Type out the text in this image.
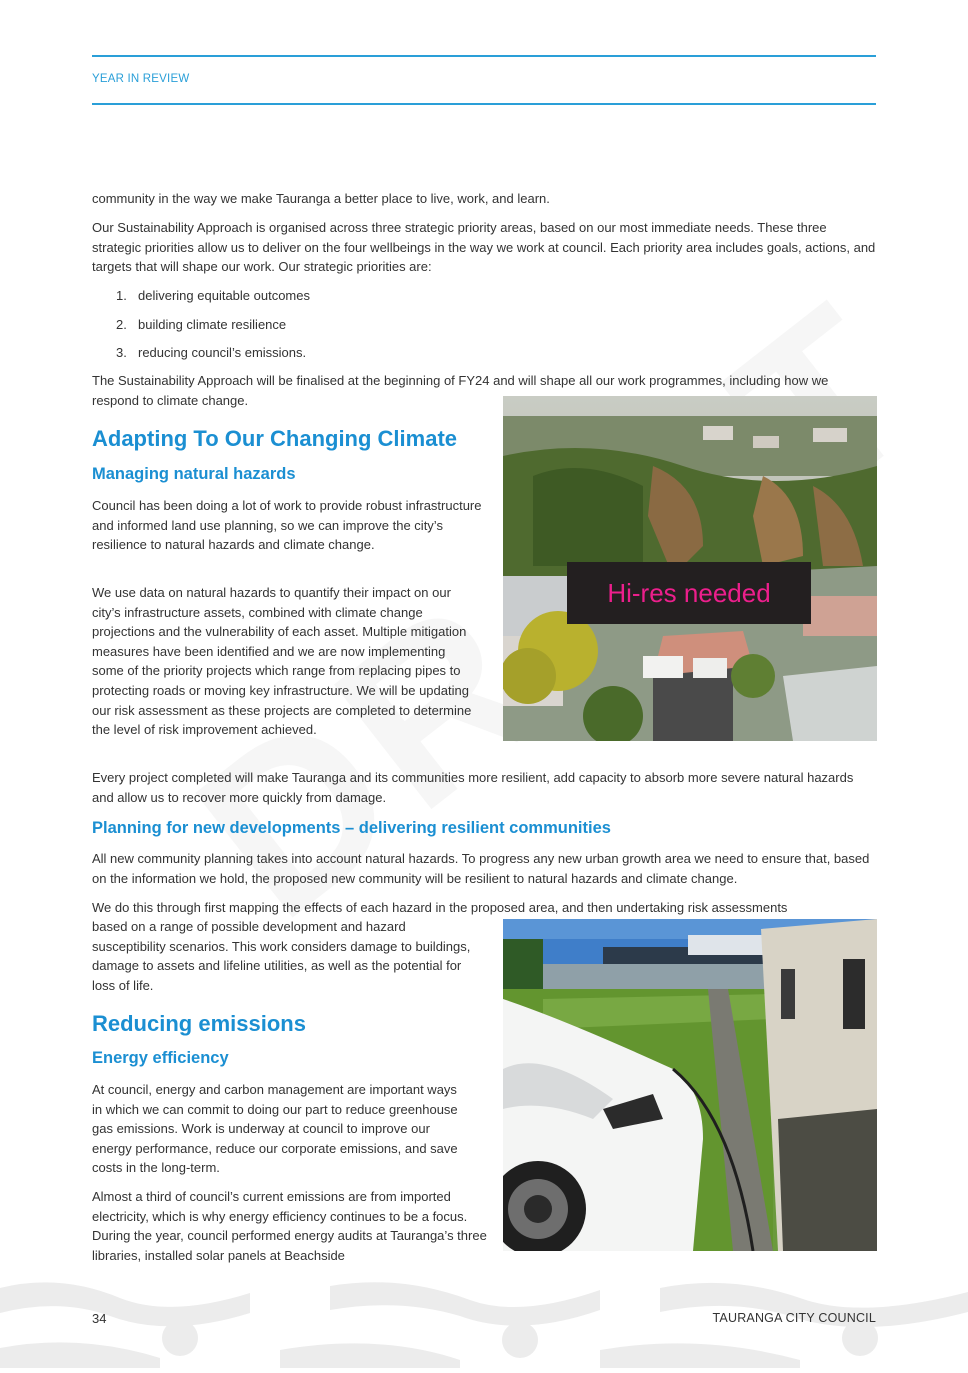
YEAR IN REVIEW

community in the way we make Tauranga a better place to live, work, and learn.

Our Sustainability Approach is organised across three strategic priority areas, based on our most immediate needs. These three strategic priorities allow us to deliver on the four wellbeings in the way we work at council. Each priority area includes goals, actions, and targets that will shape our work. Our strategic priorities are:

1. delivering equitable outcomes
2. building climate resilience
3. reducing council’s emissions.

The Sustainability Approach will be finalised at the beginning of FY24 and will shape all our work programmes, including how we respond to climate change.

Adapting To Our Changing Climate
Managing natural hazards

Council has been doing a lot of work to provide robust infrastructure and informed land use planning, so we can improve the city’s resilience to natural hazards and climate change.

We use data on natural hazards to quantify their impact on our city’s infrastructure assets, combined with climate change projections and the vulnerability of each asset. Multiple mitigation measures have been identified and we are now implementing some of the priority projects which range from replacing pipes to protecting roads or moving key infrastructure. We will be updating our risk assessment as these projects are completed to determine the level of risk improvement achieved.

Every project completed will make Tauranga and its communities more resilient, add capacity to absorb more severe natural hazards and allow us to recover more quickly from damage.

Hi-res needed
Planning for new developments – delivering resilient communities

All new community planning takes into account natural hazards. To progress any new urban growth area we need to ensure that, based on the information we hold, the proposed new community will be resilient to natural hazards and climate change.

We do this through first mapping the effects of each hazard in the proposed area, and then undertaking risk assessments

based on a range of possible development and hazard susceptibility scenarios. This work considers damage to buildings, damage to assets and lifeline utilities, as well as the potential for loss of life.

Reducing emissions
Energy efficiency

At council, energy and carbon management are important ways in which we can commit to doing our part to reduce greenhouse gas emissions. Work is underway at council to improve our energy performance, reduce our corporate emissions, and save costs in the long-term.

Almost a third of council’s current emissions are from imported electricity, which is why energy efficiency continues to be a focus. During the year, council performed energy audits at Tauranga’s three libraries, installed solar panels at Beachside

34	TAURANGA CITY COUNCIL
